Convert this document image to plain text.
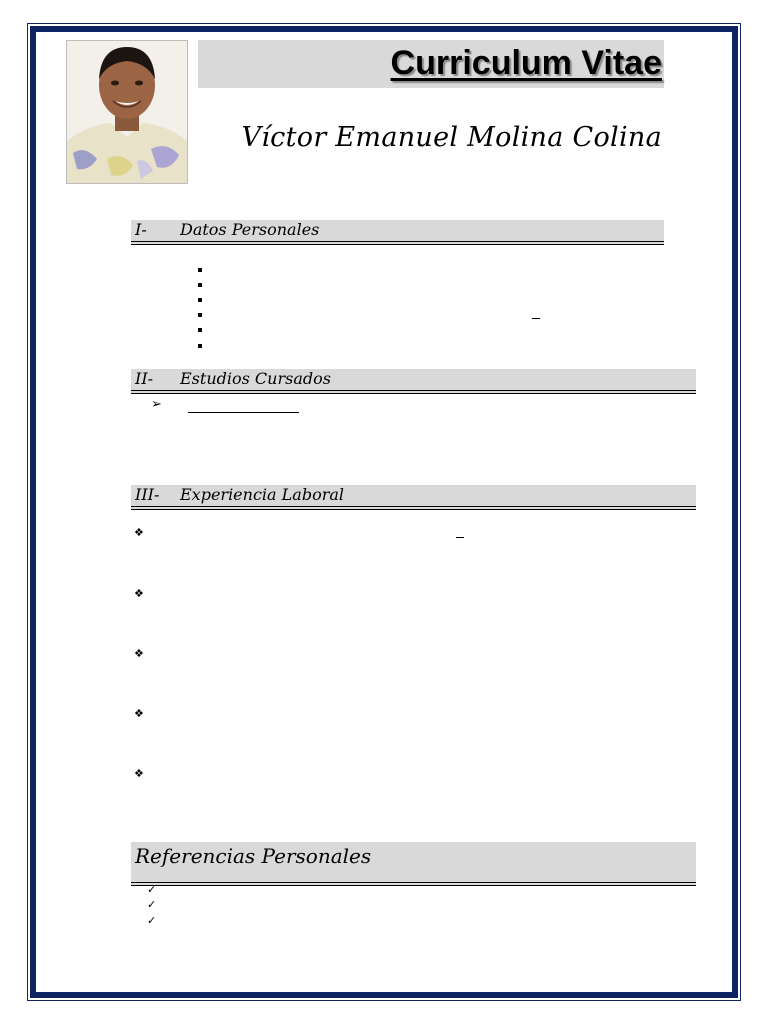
Curriculum Vitae
Víctor Emanuel Molina Colina
I- Datos Personales
II- Estudios Cursados
➢
III- Experiencia Laboral
❖
❖
❖
❖
❖
Referencias Personales
✓
✓
✓
